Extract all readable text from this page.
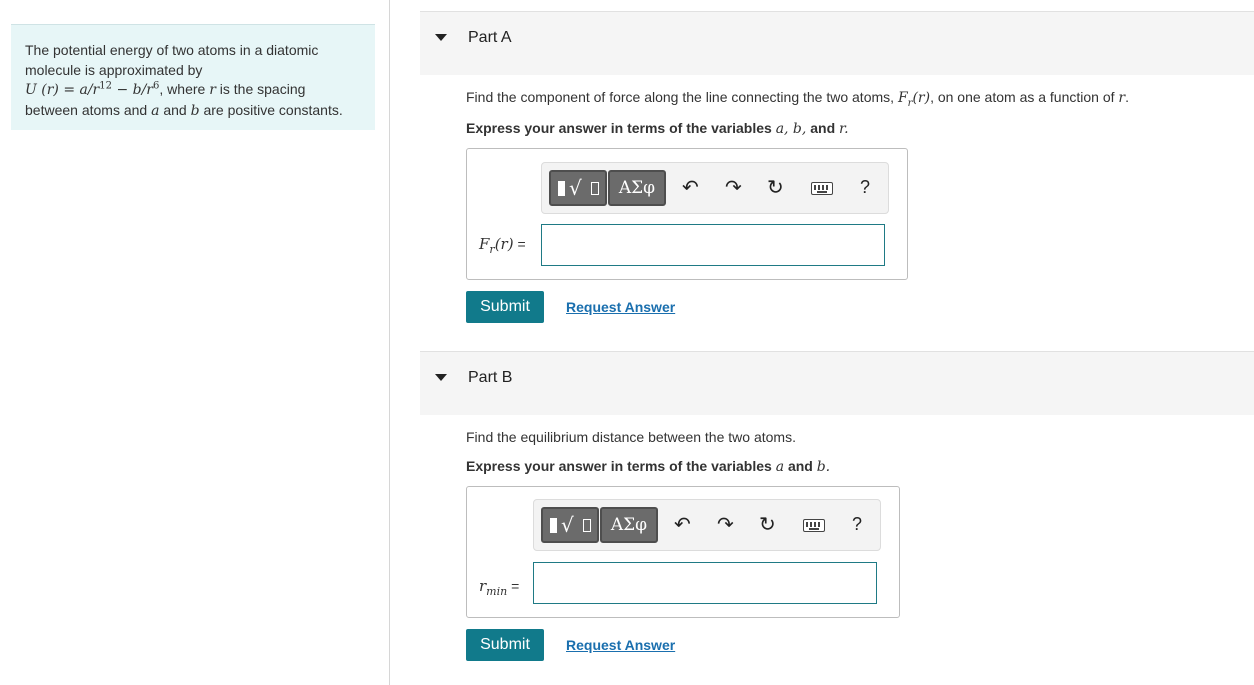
The potential energy of two atoms in a diatomic molecule is approximated by
U $(r) = a/r^{12} - b/r^6$, where r is the spacing between atoms and a and b are positive constants.
Part A
Find the component of force along the line connecting the two atoms, $F_r(r)$, on one atom as a function of r.
Express your answer in terms of the variables a, b, and r.
√	ΑΣφ	↶ ↷ ↻	?
$F_r(r)$ =
Submit	Request Answer
Part B
Find the equilibrium distance between the two atoms.
Express your answer in terms of the variables a and b.
√	ΑΣφ	↶ ↷ ↻	?
$r_{min}$ =
Submit	Request Answer
